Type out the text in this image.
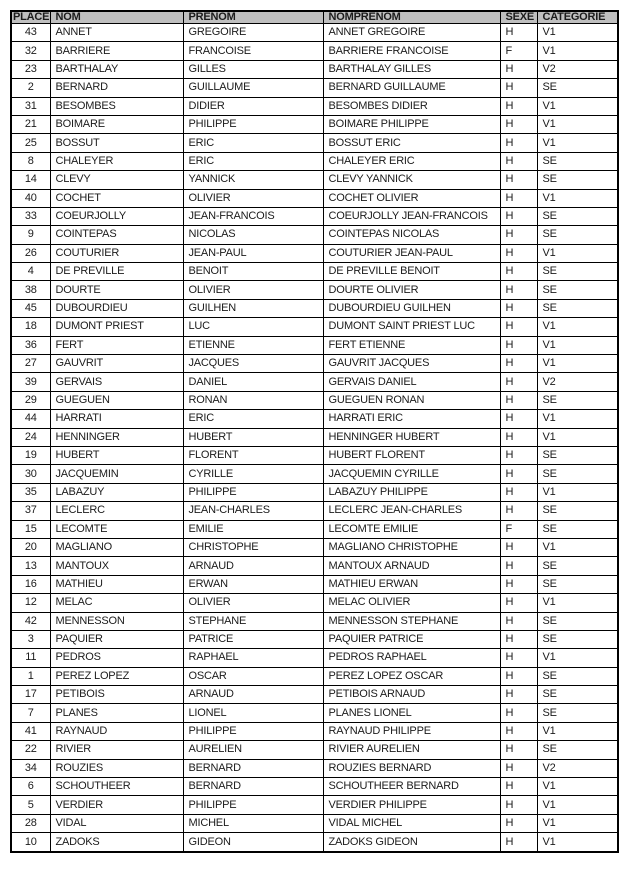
PLACE	NOM	PRENOM	NOMPRENOM	SEXE	CATEGORIE
43	ANNET	GREGOIRE	ANNET GREGOIRE	H	V1
32	BARRIERE	FRANCOISE	BARRIERE FRANCOISE	F	V1
23	BARTHALAY	GILLES	BARTHALAY GILLES	H	V2
2	BERNARD	GUILLAUME	BERNARD GUILLAUME	H	SE
31	BESOMBES	DIDIER	BESOMBES DIDIER	H	V1
21	BOIMARE	PHILIPPE	BOIMARE PHILIPPE	H	V1
25	BOSSUT	ERIC	BOSSUT ERIC	H	V1
8	CHALEYER	ERIC	CHALEYER ERIC	H	SE
14	CLEVY	YANNICK	CLEVY YANNICK	H	SE
40	COCHET	OLIVIER	COCHET OLIVIER	H	V1
33	COEURJOLLY	JEAN-FRANCOIS	COEURJOLLY JEAN-FRANCOIS	H	SE
9	COINTEPAS	NICOLAS	COINTEPAS NICOLAS	H	SE
26	COUTURIER	JEAN-PAUL	COUTURIER JEAN-PAUL	H	V1
4	DE PREVILLE	BENOIT	DE PREVILLE BENOIT	H	SE
38	DOURTE	OLIVIER	DOURTE OLIVIER	H	SE
45	DUBOURDIEU	GUILHEN	DUBOURDIEU GUILHEN	H	SE
18	DUMONT PRIEST	LUC	DUMONT SAINT PRIEST LUC	H	V1
36	FERT	ETIENNE	FERT ETIENNE	H	V1
27	GAUVRIT	JACQUES	GAUVRIT JACQUES	H	V1
39	GERVAIS	DANIEL	GERVAIS DANIEL	H	V2
29	GUEGUEN	RONAN	GUEGUEN RONAN	H	SE
44	HARRATI	ERIC	HARRATI ERIC	H	V1
24	HENNINGER	HUBERT	HENNINGER HUBERT	H	V1
19	HUBERT	FLORENT	HUBERT FLORENT	H	SE
30	JACQUEMIN	CYRILLE	JACQUEMIN CYRILLE	H	SE
35	LABAZUY	PHILIPPE	LABAZUY PHILIPPE	H	V1
37	LECLERC	JEAN-CHARLES	LECLERC JEAN-CHARLES	H	SE
15	LECOMTE	EMILIE	LECOMTE EMILIE	F	SE
20	MAGLIANO	CHRISTOPHE	MAGLIANO CHRISTOPHE	H	V1
13	MANTOUX	ARNAUD	MANTOUX ARNAUD	H	SE
16	MATHIEU	ERWAN	MATHIEU ERWAN	H	SE
12	MELAC	OLIVIER	MELAC OLIVIER	H	V1
42	MENNESSON	STEPHANE	MENNESSON STEPHANE	H	SE
3	PAQUIER	PATRICE	PAQUIER PATRICE	H	SE
11	PEDROS	RAPHAEL	PEDROS RAPHAEL	H	V1
1	PEREZ LOPEZ	OSCAR	PEREZ LOPEZ OSCAR	H	SE
17	PETIBOIS	ARNAUD	PETIBOIS ARNAUD	H	SE
7	PLANES	LIONEL	PLANES LIONEL	H	SE
41	RAYNAUD	PHILIPPE	RAYNAUD PHILIPPE	H	V1
22	RIVIER	AURELIEN	RIVIER AURELIEN	H	SE
34	ROUZIES	BERNARD	ROUZIES BERNARD	H	V2
6	SCHOUTHEER	BERNARD	SCHOUTHEER BERNARD	H	V1
5	VERDIER	PHILIPPE	VERDIER PHILIPPE	H	V1
28	VIDAL	MICHEL	VIDAL MICHEL	H	V1
10	ZADOKS	GIDEON	ZADOKS GIDEON	H	V1
